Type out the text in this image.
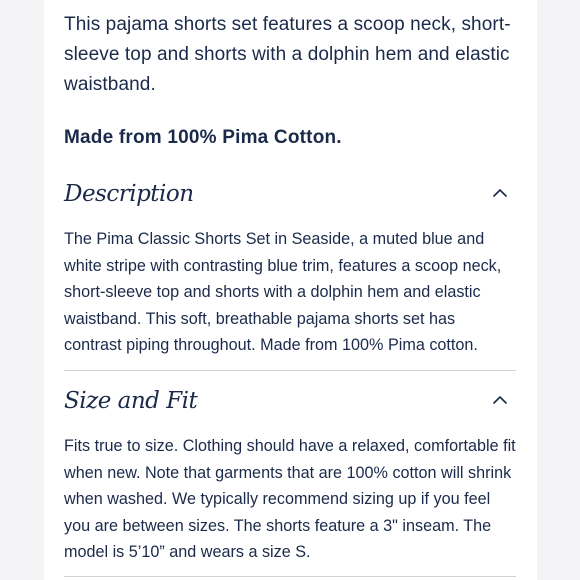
This pajama shorts set features a scoop neck, short-sleeve top and shorts with a dolphin hem and elastic waistband.

Made from 100% Pima Cotton.

Description

The Pima Classic Shorts Set in Seaside, a muted blue and white stripe with contrasting blue trim, features a scoop neck, short-sleeve top and shorts with a dolphin hem and elastic waistband. This soft, breathable pajama shorts set has contrast piping throughout. Made from 100% Pima cotton.

Size and Fit

Fits true to size. Clothing should have a relaxed, comfortable fit when new. Note that garments that are 100% cotton will shrink when washed. We typically recommend sizing up if you feel you are between sizes. The shorts feature a 3" inseam. The model is 5’10” and wears a size S.
